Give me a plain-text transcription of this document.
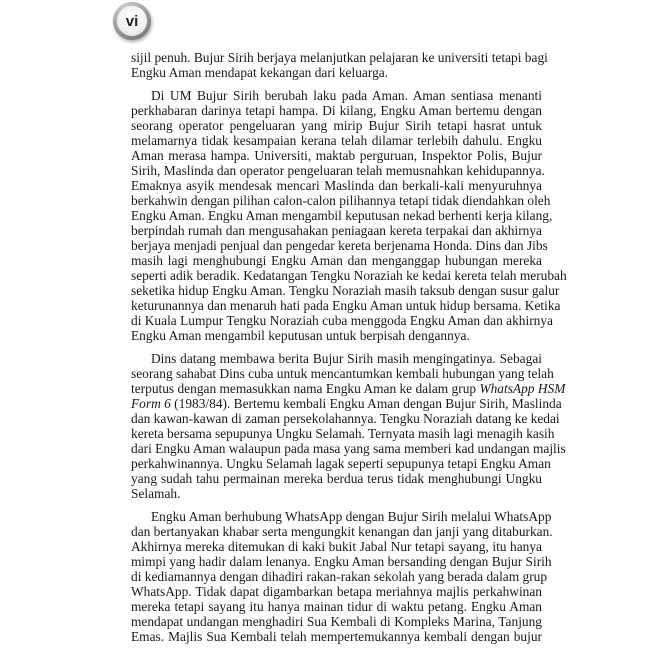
vi
sijil penuh. Bujur Sirih berjaya melanjutkan pelajaran ke universiti tetapi bagi
Engku Aman mendapat kekangan dari keluarga.
Di UM Bujur Sirih berubah laku pada Aman. Aman sentiasa menanti
perkhabaran darinya tetapi hampa. Di kilang, Engku Aman bertemu dengan
seorang operator pengeluaran yang mirip Bujur Sirih tetapi hasrat untuk
melamarnya tidak kesampaian kerana telah dilamar terlebih dahulu. Engku
Aman merasa hampa. Universiti, maktab perguruan, Inspektor Polis, Bujur
Sirih, Maslinda dan operator pengeluaran telah memusnahkan kehidupannya.
Emaknya asyik mendesak mencari Maslinda dan berkali-kali menyuruhnya
berkahwin dengan pilihan calon-calon pilihannya tetapi tidak diendahkan oleh
Engku Aman. Engku Aman mengambil keputusan nekad berhenti kerja kilang,
berpindah rumah dan mengusahakan peniagaan kereta terpakai dan akhirnya
berjaya menjadi penjual dan pengedar kereta berjenama Honda. Dins dan Jibs
masih lagi menghubungi Engku Aman dan menganggap hubungan mereka
seperti adik beradik. Kedatangan Tengku Noraziah ke kedai kereta telah merubah
seketika hidup Engku Aman. Tengku Noraziah masih taksub dengan susur galur
keturunannya dan menaruh hati pada Engku Aman untuk hidup bersama. Ketika
di Kuala Lumpur Tengku Noraziah cuba menggoda Engku Aman dan akhirnya
Engku Aman mengambil keputusan untuk berpisah dengannya.
Dins datang membawa berita Bujur Sirih masih mengingatinya. Sebagai
seorang sahabat Dins cuba untuk mencantumkan kembali hubungan yang telah
terputus dengan memasukkan nama Engku Aman ke dalam grup WhatsApp HSM
Form 6 (1983/84). Bertemu kembali Engku Aman dengan Bujur Sirih, Maslinda
dan kawan-kawan di zaman persekolahannya. Tengku Noraziah datang ke kedai
kereta bersama sepupunya Ungku Selamah. Ternyata masih lagi menagih kasih
dari Engku Aman walaupun pada masa yang sama memberi kad undangan majlis
perkahwinannya. Ungku Selamah lagak seperti sepupunya tetapi Engku Aman
yang sudah tahu permainan mereka berdua terus tidak menghubungi Ungku
Selamah.
Engku Aman berhubung WhatsApp dengan Bujur Sirih melalui WhatsApp
dan bertanyakan khabar serta mengungkit kenangan dan janji yang ditaburkan.
Akhirnya mereka ditemukan di kaki bukit Jabal Nur tetapi sayang, itu hanya
mimpi yang hadir dalam lenanya. Engku Aman bersanding dengan Bujur Sirih
di kediamannya dengan dihadiri rakan-rakan sekolah yang berada dalam grup
WhatsApp. Tidak dapat digambarkan betapa meriahnya majlis perkahwinan
mereka tetapi sayang itu hanya mainan tidur di waktu petang. Engku Aman
mendapat undangan menghadiri Sua Kembali di Kompleks Marina, Tanjung
Emas. Majlis Sua Kembali telah mempertemukannya kembali dengan bujur
